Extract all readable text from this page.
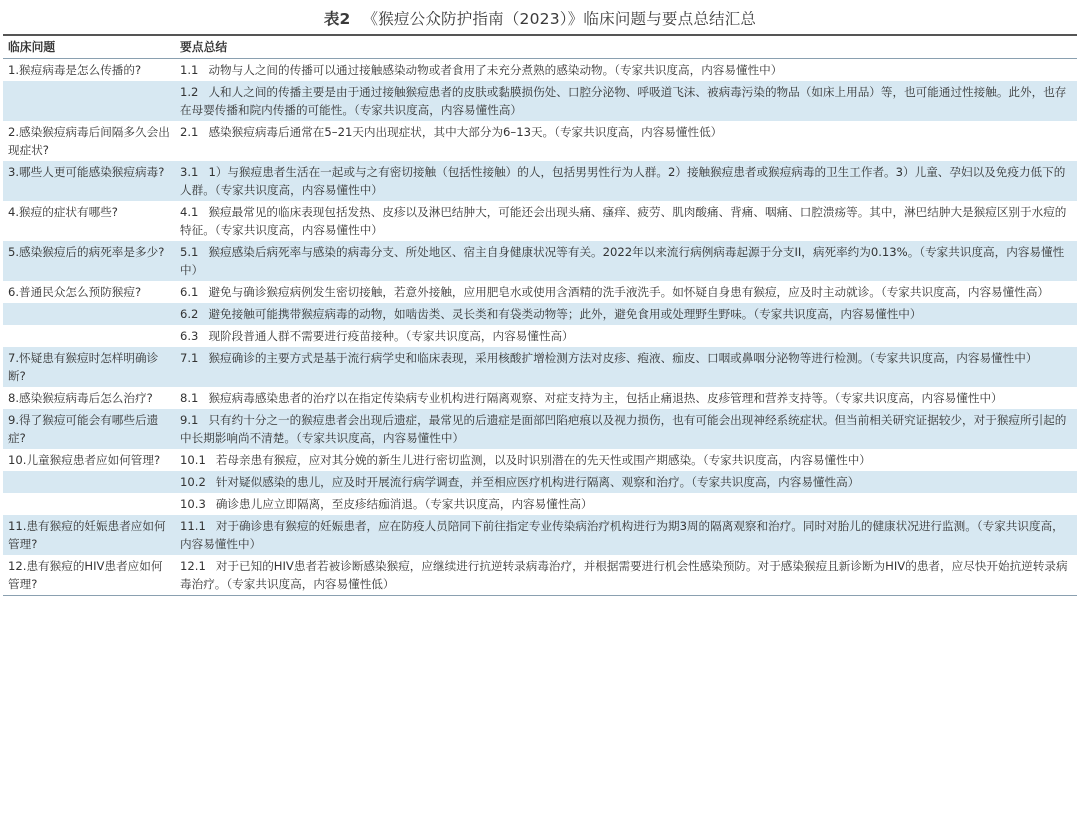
表2 《猴痘公众防护指南（2023）》临床问题与要点总结汇总
临床问题	要点总结
1.猴痘病毒是怎么传播的?	1.1 动物与人之间的传播可以通过接触感染动物或者食用了未充分煮熟的感染动物。（专家共识度高，内容易懂性中）
	1.2 人和人之间的传播主要是由于通过接触猴痘患者的皮肤或黏膜损伤处、口腔分泌物、呼吸道飞沫、被病毒污染的物品（如床上用品）等，也可能通过性接触。此外，也存在母婴传播和院内传播的可能性。（专家共识度高，内容易懂性高）
2.感染猴痘病毒后间隔多久会出现症状?	2.1 感染猴痘病毒后通常在5–21天内出现症状，其中大部分为6–13天。（专家共识度高，内容易懂性低）
3.哪些人更可能感染猴痘病毒?	3.1 1）与猴痘患者生活在一起或与之有密切接触（包括性接触）的人，包括男男性行为人群。2）接触猴痘患者或猴痘病毒的卫生工作者。3）儿童、孕妇以及免疫力低下的人群。（专家共识度高，内容易懂性中）
4.猴痘的症状有哪些?	4.1 猴痘最常见的临床表现包括发热、皮疹以及淋巴结肿大，可能还会出现头痛、瘙痒、疲劳、肌肉酸痛、背痛、咽痛、口腔溃疡等。其中，淋巴结肿大是猴痘区别于水痘的特征。（专家共识度高，内容易懂性中）
5.感染猴痘后的病死率是多少?	5.1 猴痘感染后病死率与感染的病毒分支、所处地区、宿主自身健康状况等有关。2022年以来流行病例病毒起源于分支II，病死率约为0.13%。（专家共识度高，内容易懂性中）
6.普通民众怎么预防猴痘?	6.1 避免与确诊猴痘病例发生密切接触，若意外接触，应用肥皂水或使用含酒精的洗手液洗手。如怀疑自身患有猴痘，应及时主动就诊。（专家共识度高，内容易懂性高）
	6.2 避免接触可能携带猴痘病毒的动物，如啮齿类、灵长类和有袋类动物等；此外，避免食用或处理野生野味。（专家共识度高，内容易懂性中）
	6.3 现阶段普通人群不需要进行疫苗接种。（专家共识度高，内容易懂性高）
7.怀疑患有猴痘时怎样明确诊断?	7.1 猴痘确诊的主要方式是基于流行病学史和临床表现，采用核酸扩增检测方法对皮疹、疱液、痂皮、口咽或鼻咽分泌物等进行检测。（专家共识度高，内容易懂性中）
8.感染猴痘病毒后怎么治疗?	8.1 猴痘病毒感染患者的治疗以在指定传染病专业机构进行隔离观察、对症支持为主，包括止痛退热、皮疹管理和营养支持等。（专家共识度高，内容易懂性中）
9.得了猴痘可能会有哪些后遗症?	9.1 只有约十分之一的猴痘患者会出现后遗症，最常见的后遗症是面部凹陷疤痕以及视力损伤，也有可能会出现神经系统症状。但当前相关研究证据较少，对于猴痘所引起的中长期影响尚不清楚。（专家共识度高，内容易懂性中）
10.儿童猴痘患者应如何管理?	10.1 若母亲患有猴痘，应对其分娩的新生儿进行密切监测，以及时识别潜在的先天性或围产期感染。（专家共识度高，内容易懂性中）
	10.2 针对疑似感染的患儿，应及时开展流行病学调查，并至相应医疗机构进行隔离、观察和治疗。（专家共识度高，内容易懂性高）
	10.3 确诊患儿应立即隔离，至皮疹结痂消退。（专家共识度高，内容易懂性高）
11.患有猴痘的妊娠患者应如何管理?	11.1 对于确诊患有猴痘的妊娠患者，应在防疫人员陪同下前往指定专业传染病治疗机构进行为期3周的隔离观察和治疗。同时对胎儿的健康状况进行监测。（专家共识度高，内容易懂性中）
12.患有猴痘的HIV患者应如何管理?	12.1 对于已知的HIV患者若被诊断感染猴痘，应继续进行抗逆转录病毒治疗，并根据需要进行机会性感染预防。对于感染猴痘且新诊断为HIV的患者，应尽快开始抗逆转录病毒治疗。（专家共识度高，内容易懂性低）
